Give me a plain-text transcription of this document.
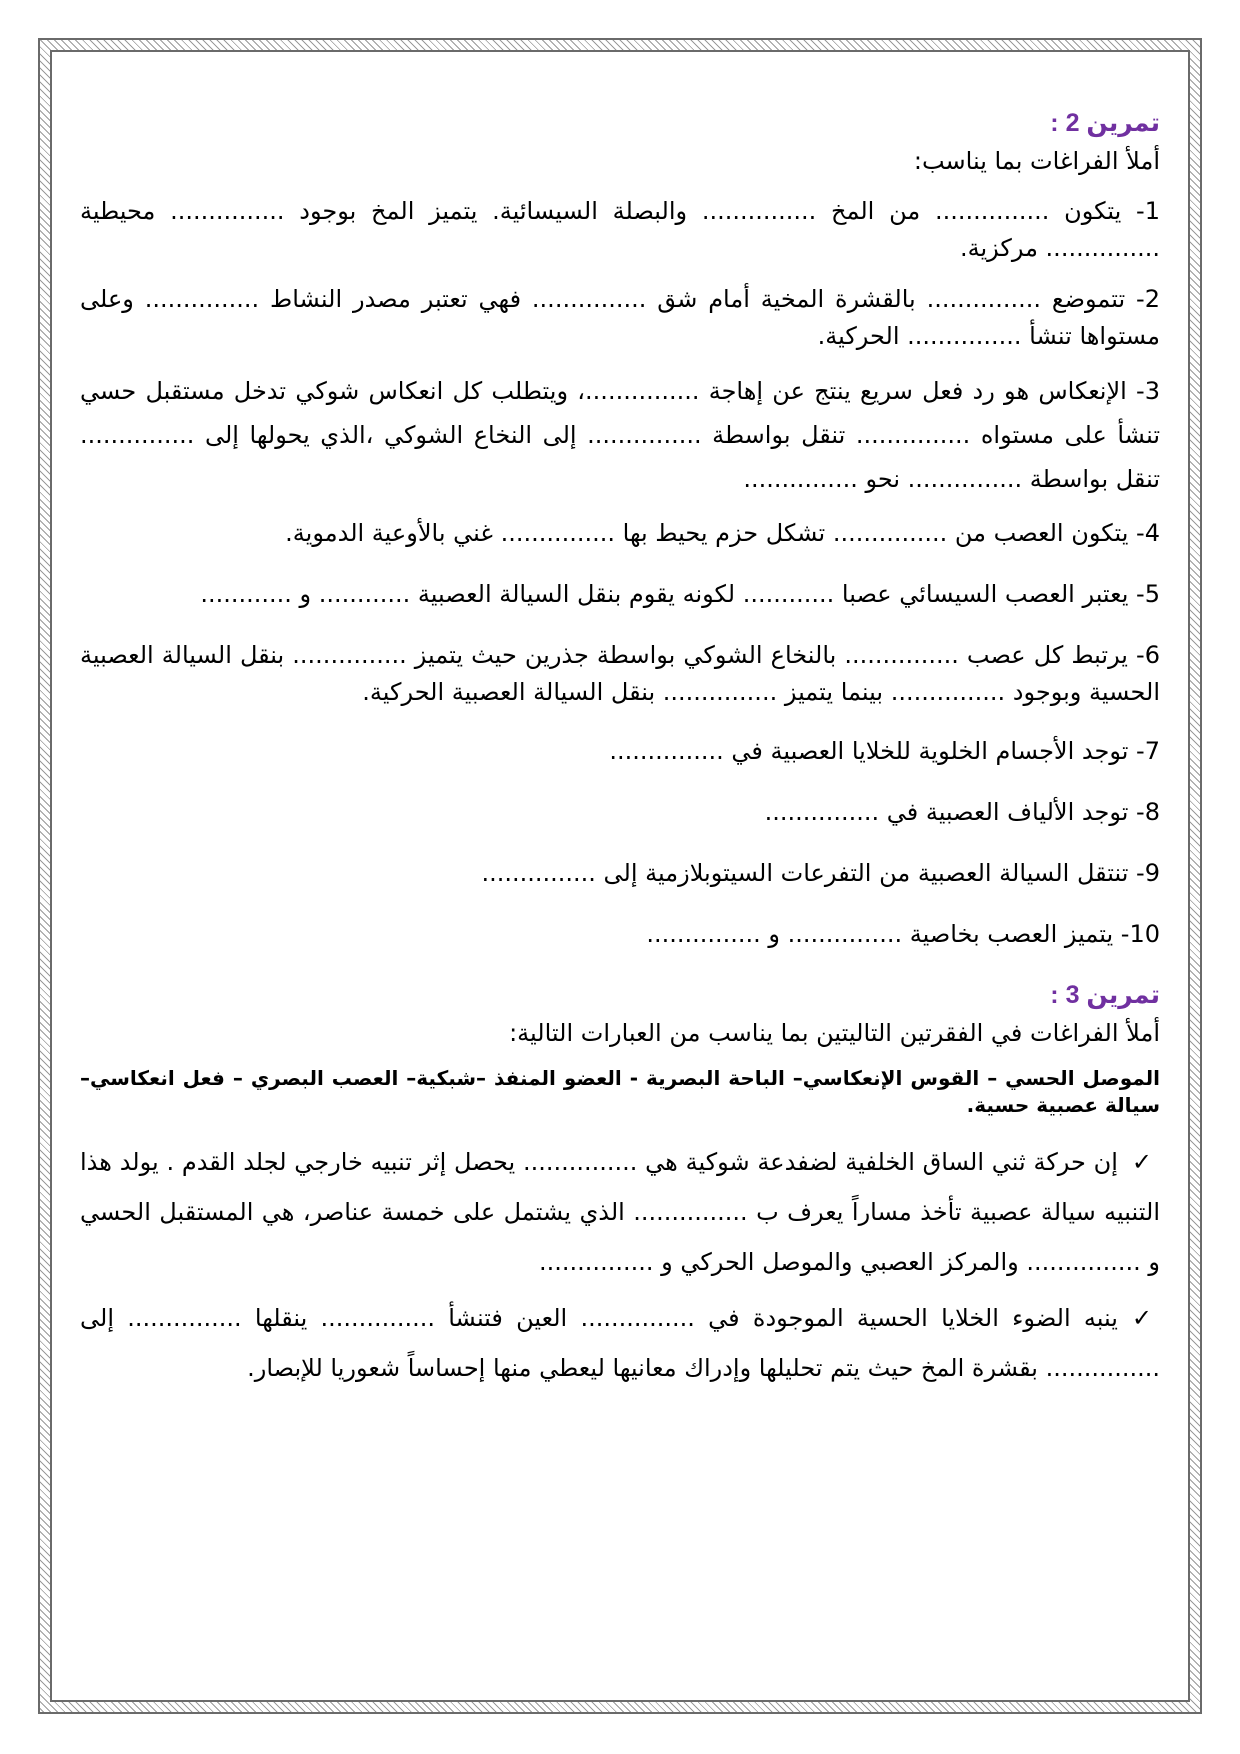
تمرين 2 :

أملأ الفراغات بما يناسب:

1- يتكون ............... من المخ ............... والبصلة السيسائية. يتميز المخ بوجود ............... محيطية ............... مركزية.

2- تتموضع ............... بالقشرة المخية أمام شق ............... فهي تعتبر مصدر النشاط ............... وعلى مستواها تنشأ ............... الحركية.

3- الإنعكاس هو رد فعل سريع ينتج عن إهاجة ...............، ويتطلب كل انعكاس شوكي تدخل مستقبل حسي تنشأ على مستواه ............... تنقل بواسطة ............... إلى النخاع الشوكي ،الذي يحولها إلى ............... تنقل بواسطة ............... نحو ...............

4- يتكون العصب من ............... تشكل حزم يحيط بها ............... غني بالأوعية الدموية.

5- يعتبر العصب السيسائي عصبا ............ لكونه يقوم بنقل السيالة العصبية ............ و ............

6- يرتبط كل عصب ............... بالنخاع الشوكي بواسطة جذرين حيث يتميز ............... بنقل السيالة العصبية الحسية وبوجود ............... بينما يتميز ............... بنقل السيالة العصبية الحركية.

7- توجد الأجسام الخلوية للخلايا العصبية في ...............

8- توجد الألياف العصبية في ...............

9- تنتقل السيالة العصبية من التفرعات السيتوبلازمية إلى ...............

10- يتميز العصب بخاصية ............... و ...............

تمرين 3 :

أملأ الفراغات في الفقرتين التاليتين بما يناسب من العبارات التالية:

الموصل الحسي – القوس الإنعكاسي– الباحة البصرية - العضو المنفذ –شبكية– العصب البصري – فعل انعكاسي– سيالة عصبية حسية.

✓إن حركة ثني الساق الخلفية لضفدعة شوكية هي ............... يحصل إثر تنبيه خارجي لجلد القدم . يولد هذا التنبيه سيالة عصبية تأخذ مساراً يعرف ب ............... الذي يشتمل على خمسة عناصر، هي المستقبل الحسي و ............... والمركز العصبي والموصل الحركي و ...............

✓ينبه الضوء الخلايا الحسية الموجودة في ............... العين فتنشأ ............... ينقلها ............... إلى ............... بقشرة المخ حيث يتم تحليلها وإدراك معانيها ليعطي منها إحساساً شعوريا للإبصار.
